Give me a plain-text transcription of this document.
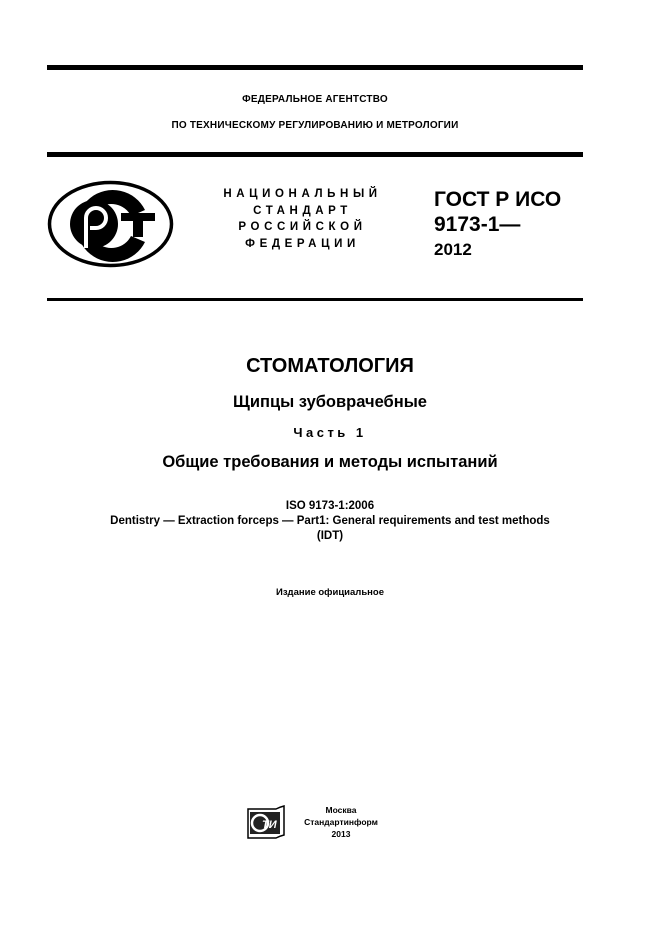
ФЕДЕРАЛЬНОЕ АГЕНТСТВО
ПО ТЕХНИЧЕСКОМУ РЕГУЛИРОВАНИЮ И МЕТРОЛОГИИ
НАЦИОНАЛЬНЫЙ
СТАНДАРТ
РОССИЙСКОЙ
ФЕДЕРАЦИИ
ГОСТ Р ИСО
9173-1—
2012
СТОМАТОЛОГИЯ
Щипцы зубоврачебные
Часть 1
Общие требования и методы испытаний
ISO 9173-1:2006
Dentistry — Extraction forceps — Part1: General requirements and test methods
(IDT)
Издание официальное
ТИ
Москва
Стандартинформ
2013
